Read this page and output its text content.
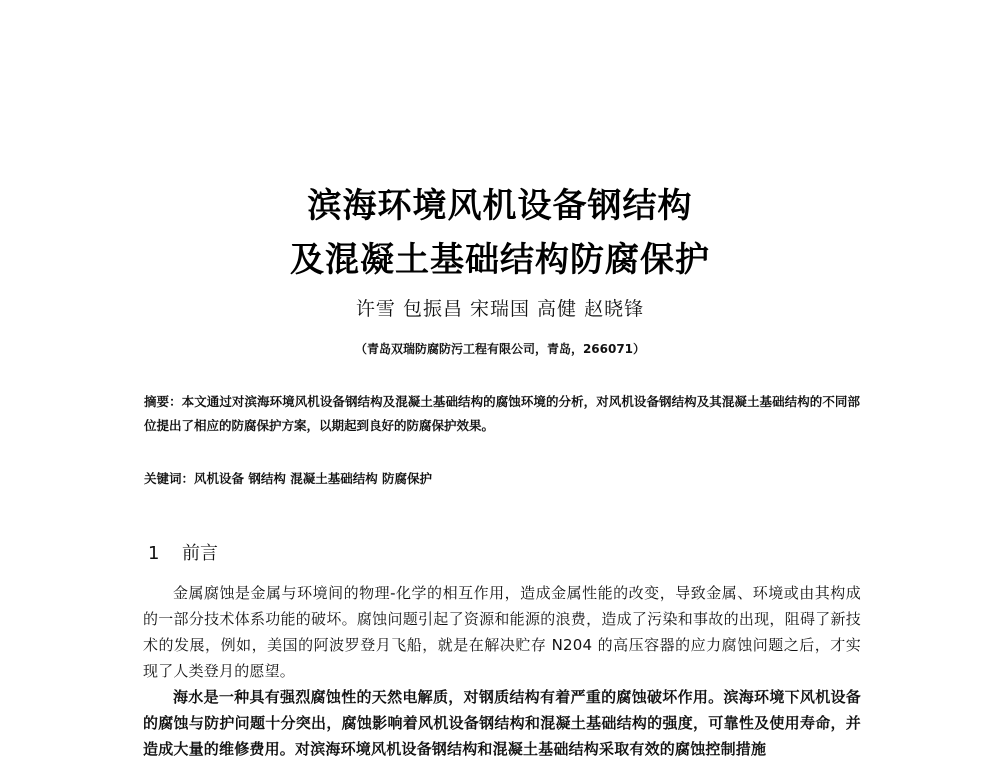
滨海环境风机设备钢结构
及混凝土基础结构防腐保护
许雪 包振昌 宋瑞国 高健 赵晓锋
（青岛双瑞防腐防污工程有限公司，青岛，266071）

摘要：本文通过对滨海环境风机设备钢结构及混凝土基础结构的腐蚀环境的分析，对风机设备钢结构及其混凝土基础结构的不同部位提出了相应的防腐保护方案，以期起到良好的防腐保护效果。

关键词：风机设备 钢结构 混凝土基础结构 防腐保护

1 前言

金属腐蚀是金属与环境间的物理-化学的相互作用，造成金属性能的改变，导致金属、环境或由其构成的一部分技术体系功能的破坏。腐蚀问题引起了资源和能源的浪费，造成了污染和事故的出现，阻碍了新技术的发展，例如，美国的阿波罗登月飞船，就是在解决贮存 N204 的高压容器的应力腐蚀问题之后，才实现了人类登月的愿望。

海水是一种具有强烈腐蚀性的天然电解质，对钢质结构有着严重的腐蚀破坏作用。滨海环境下风机设备的腐蚀与防护问题十分突出，腐蚀影响着风机设备钢结构和混凝土基础结构的强度，可靠性及使用寿命，并造成大量的维修费用。对滨海环境风机设备钢结构和混凝土基础结构采取有效的腐蚀控制措施
